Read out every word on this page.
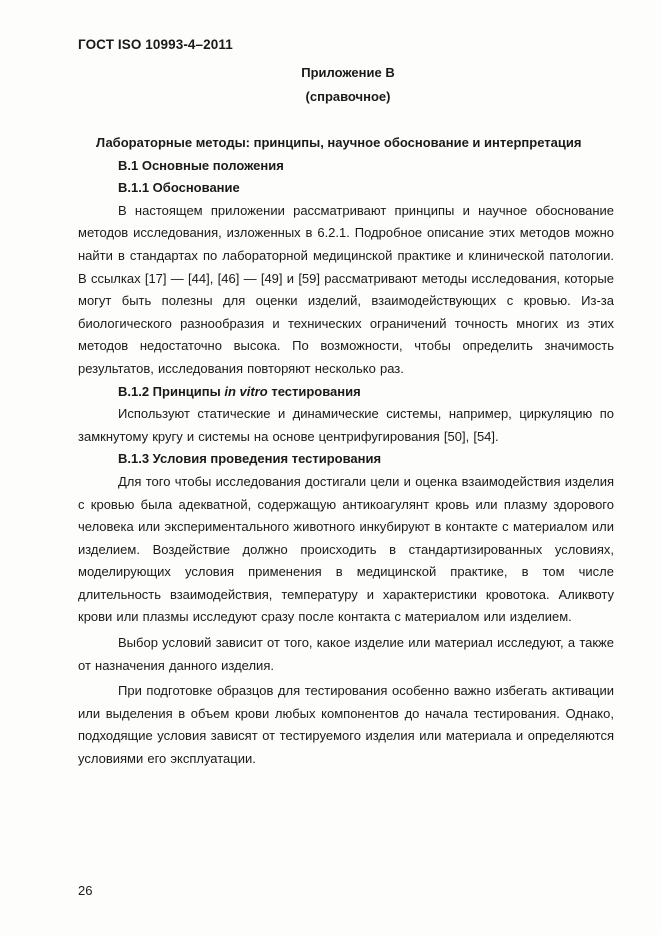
ГОСТ ISO 10993-4–2011
Приложение В
(справочное)

Лабораторные методы: принципы, научное обоснование и интерпретация

В.1 Основные положения

В.1.1 Обоснование

В настоящем приложении рассматривают принципы и научное обоснование методов исследования, изложенных в 6.2.1. Подробное описание этих методов можно найти в стандартах по лабораторной медицинской практике и клинической патологии. В ссылках [17] — [44], [46] — [49] и [59] рассматривают методы исследования, которые могут быть полезны для оценки изделий, взаимодействующих с кровью. Из-за биологического разнообразия и технических ограничений точность многих из этих методов недостаточно высока. По возможности, чтобы определить значимость результатов, исследования повторяют несколько раз.

В.1.2 Принципы in vitro тестирования

Используют статические и динамические системы, например, циркуляцию по замкнутому кругу и системы на основе центрифугирования [50], [54].

В.1.3 Условия проведения тестирования

Для того чтобы исследования достигали цели и оценка взаимодействия изделия с кровью была адекватной, содержащую антикоагулянт кровь или плазму здорового человека или экспериментального животного инкубируют в контакте с материалом или изделием. Воздействие должно происходить в стандартизированных условиях, моделирующих условия применения в медицинской практике, в том числе длительность взаимодействия, температуру и характеристики кровотока. Аликвоту крови или плазмы исследуют сразу после контакта с материалом или изделием.

Выбор условий зависит от того, какое изделие или материал исследуют, а также от назначения данного изделия.

При подготовке образцов для тестирования особенно важно избегать активации или выделения в объем крови любых компонентов до начала тестирования. Однако, подходящие условия зависят от тестируемого изделия или материала и определяются условиями его эксплуатации.

26
